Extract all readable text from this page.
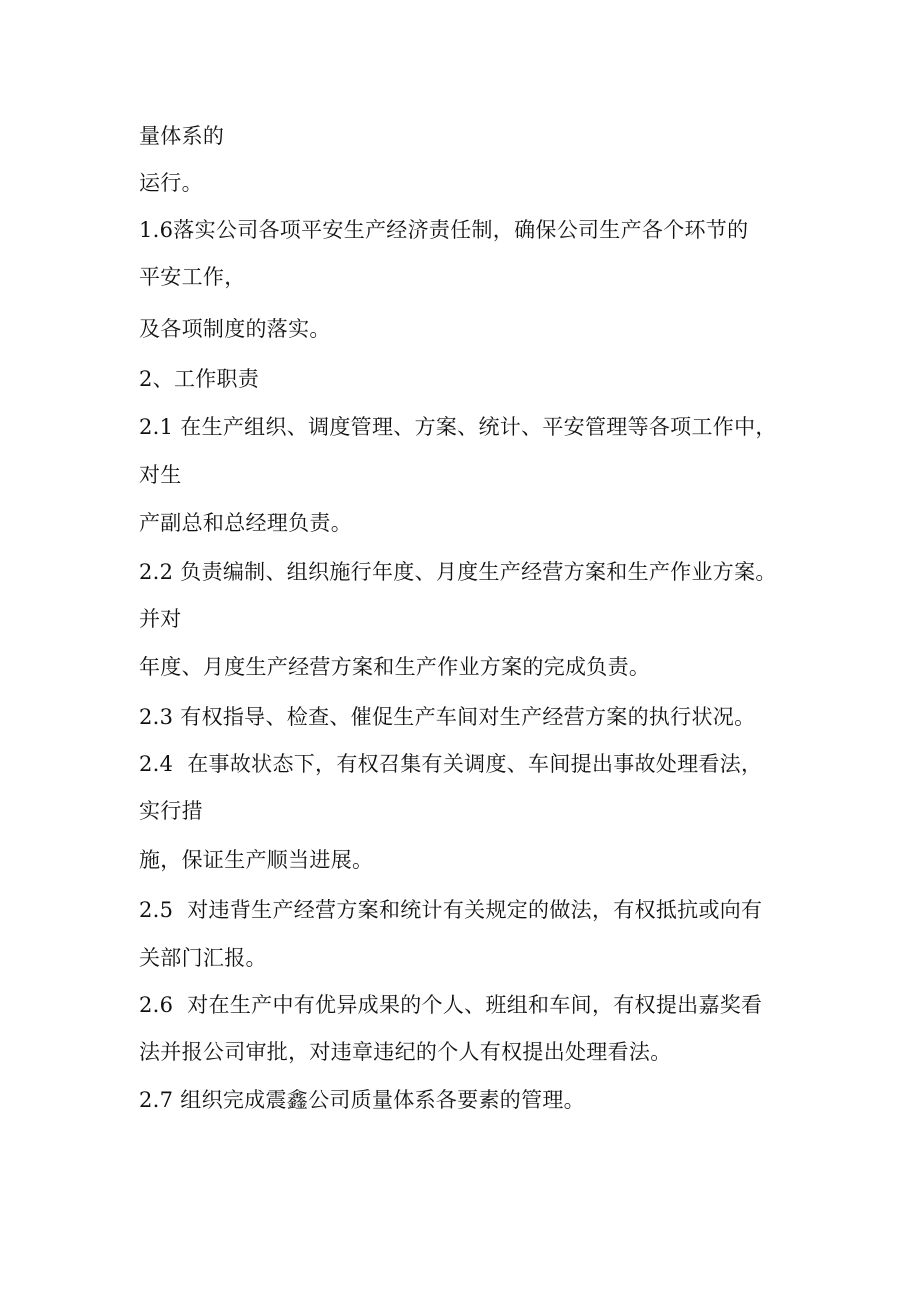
量体系的
运行。
1.6落实公司各项平安生产经济责任制，确保公司生产各个环节的
平安工作，
及各项制度的落实。
2、工作职责
2.1 在生产组织、调度管理、方案、统计、平安管理等各项工作中，
对生
产副总和总经理负责。
2.2 负责编制、组织施行年度、月度生产经营方案和生产作业方案。
并对
年度、月度生产经营方案和生产作业方案的完成负责。
2.3 有权指导、检查、催促生产车间对生产经营方案的执行状况。
2.4  在事故状态下，有权召集有关调度、车间提出事故处理看法，
实行措
施，保证生产顺当进展。
2.5  对违背生产经营方案和统计有关规定的做法，有权抵抗或向有
关部门汇报。
2.6  对在生产中有优异成果的个人、班组和车间，有权提出嘉奖看
法并报公司审批，对违章违纪的个人有权提出处理看法。
2.7 组织完成震鑫公司质量体系各要素的管理。
